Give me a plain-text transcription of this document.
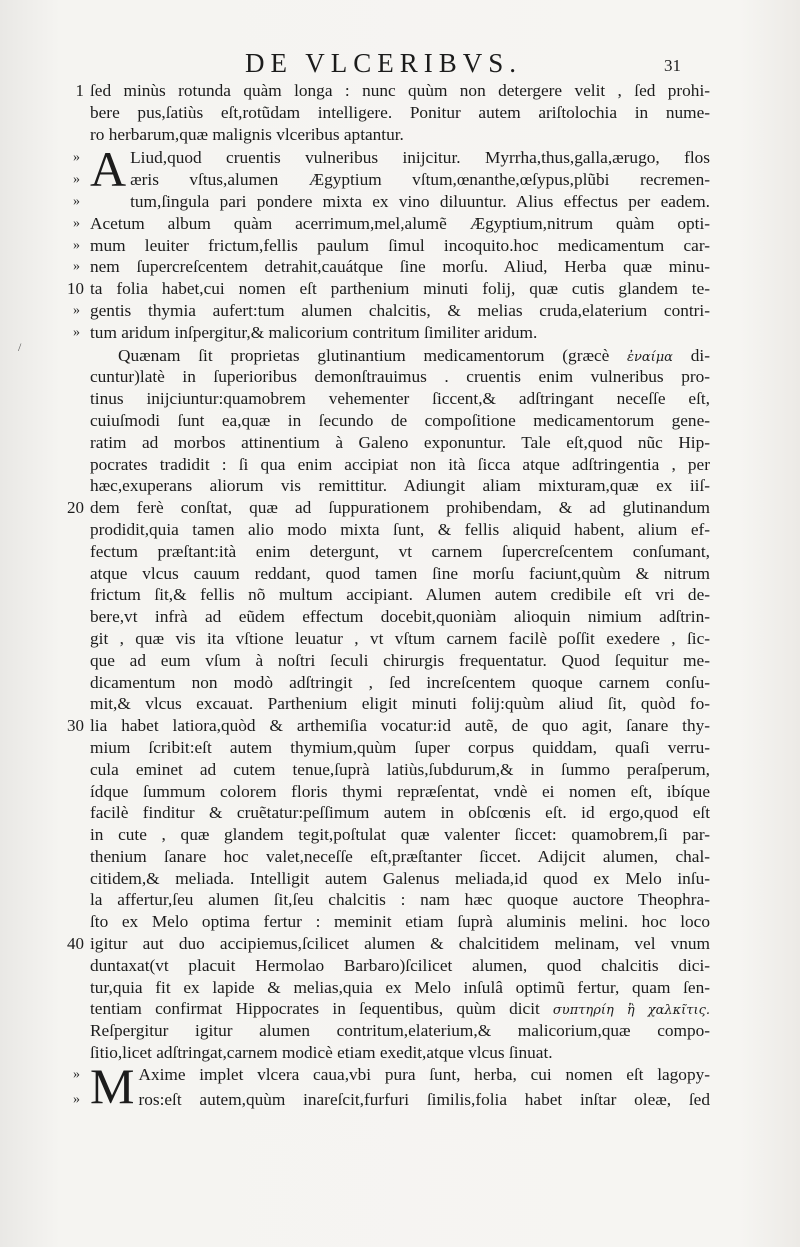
DE VLCERIBVS.	31
/
1 ſed minùs rotunda quàm longa : nunc quùm non detergere velit , ſed prohi-
bere pus,ſatiùs eſt,rotũdam intelligere. Ponitur autem ariſtolochia in nume-
ro herbarum,quæ malignis vlceribus aptantur.
» A Liud,quod cruentis vulneribus inijcitur. Myrrha,thus,galla,ærugo, flos
»	æris vſtus,alumen Ægyptium vſtum,œnanthe,œſypus,plũbi recremen-
»	tum,ſingula pari pondere mixta ex vino diluuntur. Alius effectus per eadem.
» Acetum album quàm acerrimum,mel,alumẽ Ægyptium,nitrum quàm opti-
» mum leuiter frictum,fellis paulum ſimul incoquito.hoc medicamentum car-
» nem ſupercreſcentem detrahit,cauátque ſine morſu. Aliud, Herba quæ minu-
10 ta folia habet,cui nomen eſt parthenium minuti folij, quæ cutis glandem te-
» gentis thymia aufert:tum alumen chalcitis, & melias cruda,elaterium contri-
» tum aridum inſpergitur,& malicorium contritum ſimiliter aridum.
Quænam ſit proprietas glutinantium medicamentorum (græcè ἐναίμα di-
cuntur)latè in ſuperioribus demonſtrauimus . cruentis enim vulneribus pro-
tinus inijciuntur:quamobrem vehementer ſiccent,& adſtringant neceſſe eſt,
cuiuſmodi ſunt ea,quæ in ſecundo de compoſitione medicamentorum gene-
ratim ad morbos attinentium à Galeno exponuntur. Tale eſt,quod nũc Hip-
pocrates tradidit : ſi qua enim accipiat non ità ſicca atque adſtringentia , per
hæc,exuperans aliorum vis remittitur. Adiungit aliam mixturam,quæ ex iiſ-
20 dem ferè conſtat, quæ ad ſuppurationem prohibendam, & ad glutinandum
prodidit,quia tamen alio modo mixta ſunt, & fellis aliquid habent, alium ef-
fectum præſtant:ità enim detergunt, vt carnem ſupercreſcentem conſumant,
atque vlcus cauum reddant, quod tamen ſine morſu faciunt,quùm & nitrum
frictum ſit,& fellis nõ multum accipiant. Alumen autem credibile eſt vri de-
bere,vt infrà ad eũdem effectum docebit,quoniàm alioquin nimium adſtrin-
git , quæ vis ita vſtione leuatur , vt vſtum carnem facilè poſſit exedere , ſic-
que ad eum vſum à noſtri ſeculi chirurgis frequentatur. Quod ſequitur me-
dicamentum non modò adſtringit , ſed increſcentem quoque carnem conſu-
mit,& vlcus excauat. Parthenium eligit minuti folij:quùm aliud ſit, quòd fo-
30 lia habet latiora,quòd & arthemiſia vocatur:id autẽ, de quo agit, ſanare thy-
mium ſcribit:eſt autem thymium,quùm ſuper corpus quiddam, quaſi verru-
cula eminet ad cutem tenue,ſuprà latiùs,ſubdurum,& in ſummo peraſperum,
ídque ſummum colorem floris thymi repræſentat, vndè ei nomen eſt, ibíque
facilè finditur & cruẽtatur:peſſimum autem in obſcœnis eſt. id ergo,quod eſt
in cute , quæ glandem tegit,poſtulat quæ valenter ſiccet: quamobrem,ſi par-
thenium ſanare hoc valet,neceſſe eſt,præſtanter ſiccet. Adijcit alumen, chal-
citidem,& meliada. Intelligit autem Galenus meliada,id quod ex Melo inſu-
la affertur,ſeu alumen ſit,ſeu chalcitis : nam hæc quoque auctore Theophra-
ſto ex Melo optima fertur : meminit etiam ſuprà aluminis melini. hoc loco
40 igitur aut duo accipiemus,ſcilicet alumen & chalcitidem melinam, vel vnum
duntaxat(vt placuit Hermolao Barbaro)ſcilicet alumen, quod chalcitis dici-
tur,quia fit ex lapide & melias,quia ex Melo inſulâ optimũ fertur, quam ſen-
tentiam confirmat Hippocrates in ſequentibus, quùm dicit συπτηρίη ἢ χαλκῖτις.
Reſpergitur igitur alumen contritum,elaterium,& malicorium,quæ compo-
ſitio,licet adſtringat,carnem modicè etiam exedit,atque vlcus ſinuat.
» M Axime implet vlcera caua,vbi pura ſunt, herba, cui nomen eſt lagopy-
»	ros:eſt autem,quùm inareſcit,furfuri ſimilis,folia habet inſtar oleæ, ſed
